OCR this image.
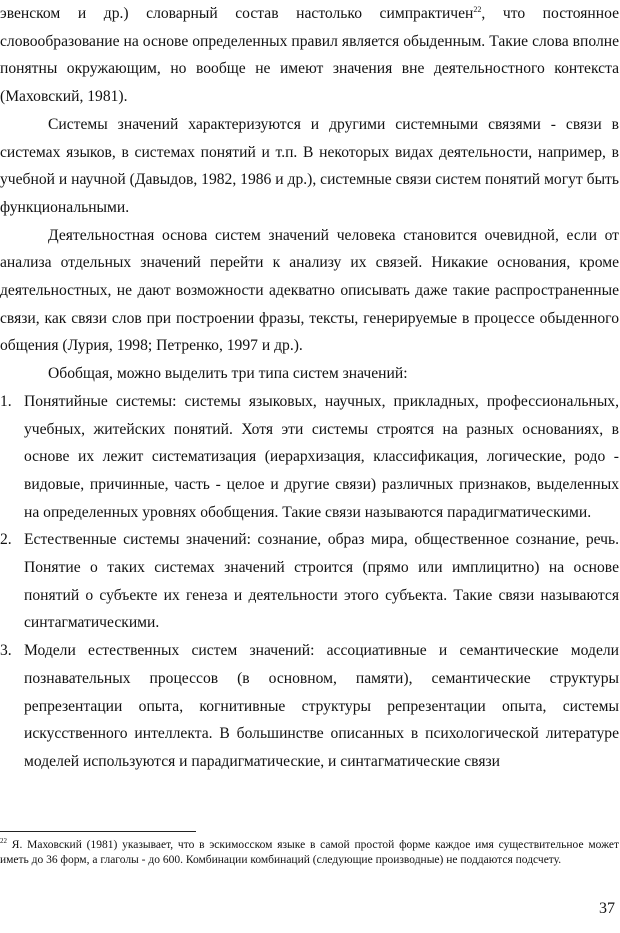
эвенском и др.) словарный состав настолько симпрактичен$^{22}$, что постоянное словообразование на основе определенных правил является обыденным. Такие слова вполне понятны окружающим, но вообще не имеют значения вне деятельностного контекста (Маховский, 1981).

Системы значений характеризуются и другими системными связями - связи в системах языков, в системах понятий и т.п. В некоторых видах деятельности, например, в учебной и научной (Давыдов, 1982, 1986 и др.), системные связи систем понятий могут быть функциональными.

Деятельностная основа систем значений человека становится очевидной, если от анализа отдельных значений перейти к анализу их связей. Никакие основания, кроме деятельностных, не дают возможности адекватно описывать даже такие распространенные связи, как связи слов при построении фразы, тексты, генерируемые в процессе обыденного общения (Лурия, 1998; Петренко, 1997 и др.).

Обобщая, можно выделить три типа систем значений:

1. Понятийные системы: системы языковых, научных, прикладных, профессиональных, учебных, житейских понятий. Хотя эти системы строятся на разных основаниях, в основе их лежит систематизация (иерархизация, классификация, логические, родо - видовые, причинные, часть - целое и другие связи) различных признаков, выделенных на определенных уровнях обобщения. Такие связи называются парадигматическими.
2. Естественные системы значений: сознание, образ мира, общественное сознание, речь. Понятие о таких системах значений строится (прямо или имплицитно) на основе понятий о субъекте их генеза и деятельности этого субъекта. Такие связи называются синтагматическими.
3. Модели естественных систем значений: ассоциативные и семантические модели познавательных процессов (в основном, памяти), семантические структуры репрезентации опыта, когнитивные структуры репрезентации опыта, системы искусственного интеллекта. В большинстве описанных в психологической литературе моделей используются и парадигматические, и синтагматические связи
$^{22}$ Я. Маховский (1981) указывает, что в эскимосском языке в самой простой форме каждое имя существительное может иметь до 36 форм, а глаголы - до 600. Комбинации комбинаций (следующие производные) не поддаются подсчету.
37
